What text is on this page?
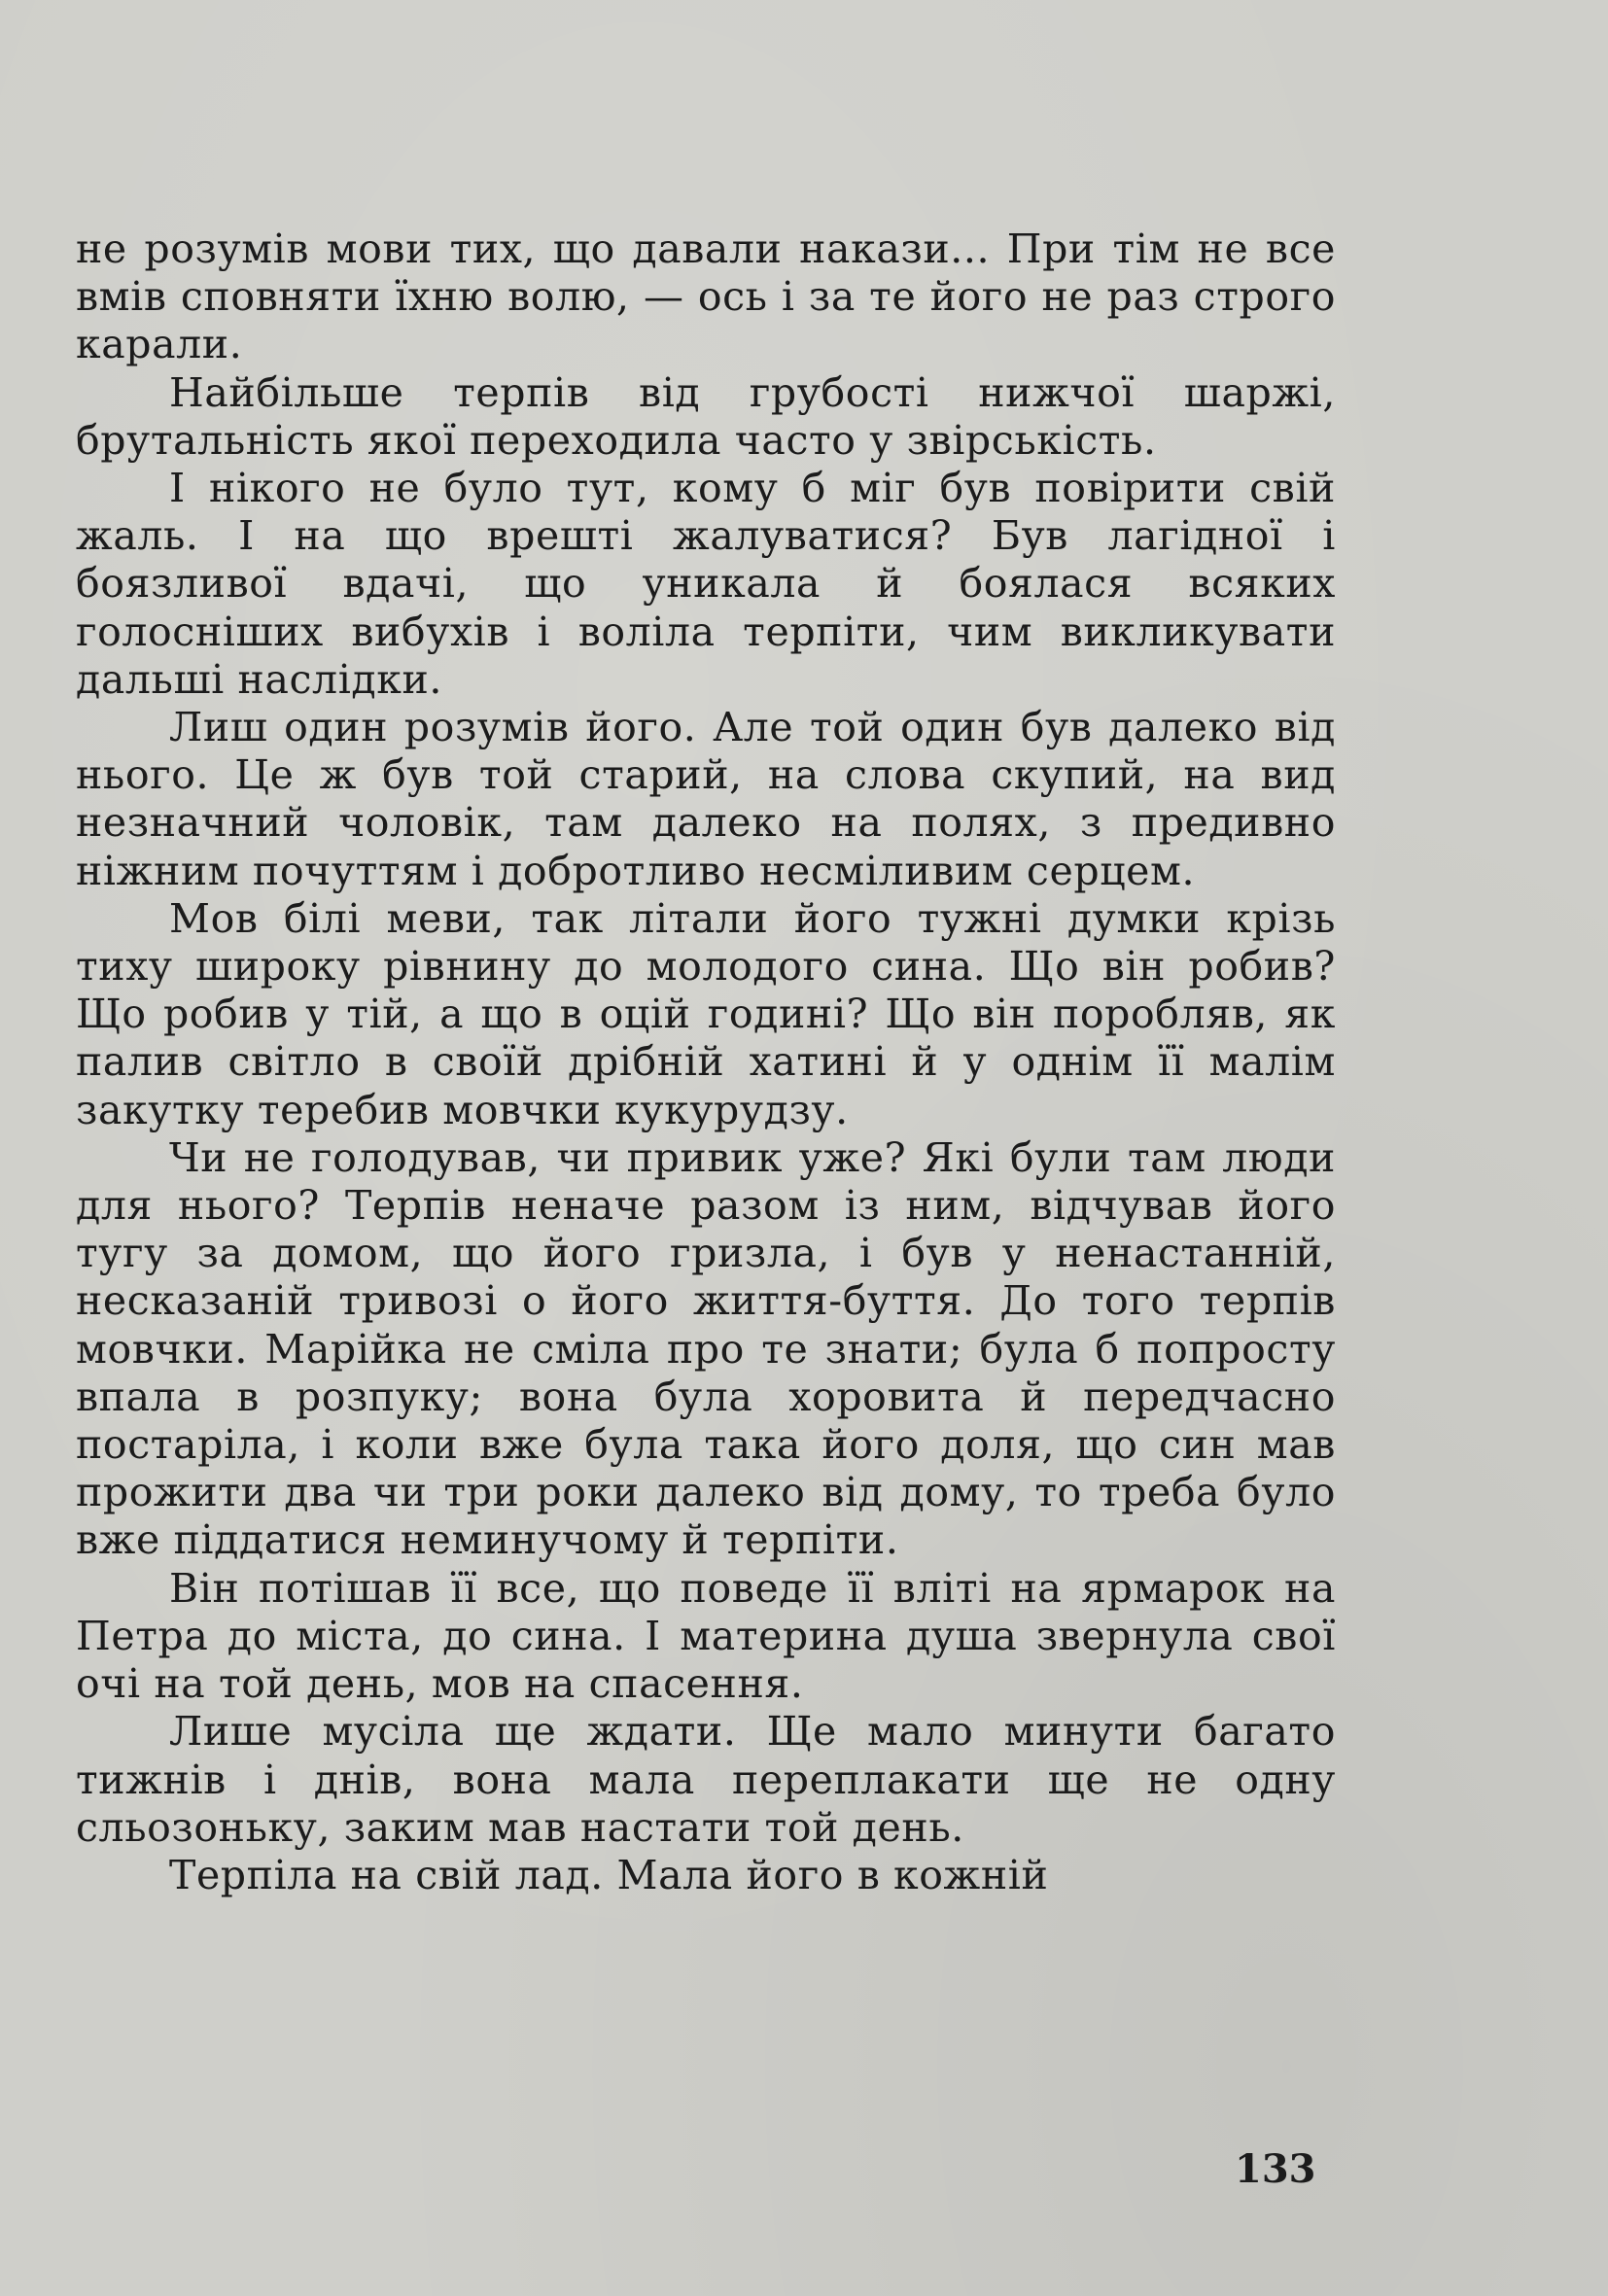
не розумів мови тих, що давали накази... При тім не все вмів сповняти їхню волю, — ось і за те його не раз строго карали.

Найбільше терпів від грубості нижчої шаржі, брутальність якої переходила часто у звірськість.

І нікого не було тут, кому б міг був повірити свій жаль. І на що врешті жалуватися? Був лагідної і боязливої вдачі, що уникала й боялася всяких голосніших вибухів і воліла терпіти, чим викликувати дальші наслідки.

Лиш один розумів його. Але той один був далеко від нього. Це ж був той старий, на слова скупий, на вид незначний чоловік, там далеко на полях, з предивно ніжним почуттям і добротливо несміливим серцем.

Мов білі меви, так літали його тужні думки крізь тиху широку рівнину до молодого сина. Що він робив? Що робив у тій, а що в оцій годині? Що він поробляв, як палив світло в своїй дрібній хатині й у однім її малім закутку теребив мовчки кукурудзу.

Чи не голодував, чи привик уже? Які були там люди для нього? Терпів неначе разом із ним, відчував його тугу за домом, що його гризла, і був у ненастанній, несказаній тривозі о його життя-буття. До того терпів мовчки. Марійка не сміла про те знати; була б попросту впала в розпуку; вона була хоровита й передчасно постаріла, і коли вже була така його доля, що син мав прожити два чи три роки далеко від дому, то треба було вже піддатися неминучому й терпіти.

Він потішав її все, що поведе її вліті на ярмарок на Петра до міста, до сина. І материна душа звернула свої очі на той день, мов на спасення.

Лише мусіла ще ждати. Ще мало минути багато тижнів і днів, вона мала переплакати ще не одну сльозоньку, заким мав настати той день.

Терпіла на свій лад. Мала його в кожній

133
